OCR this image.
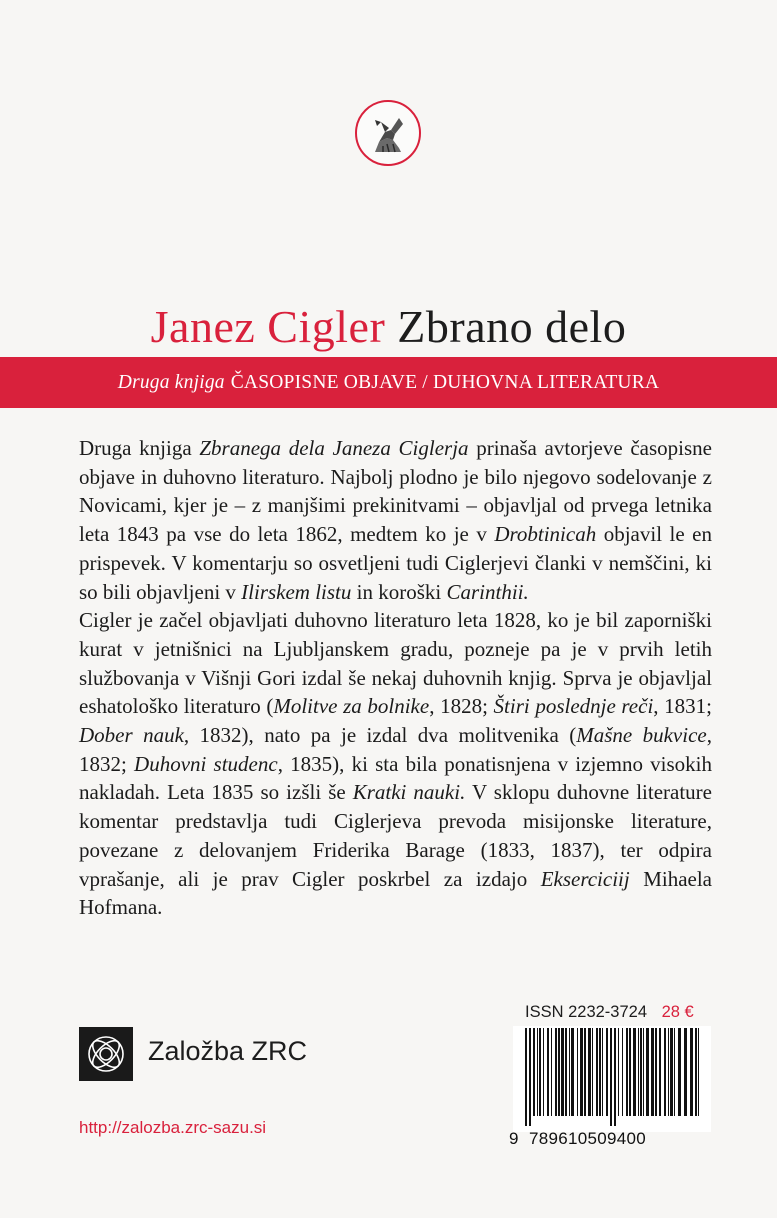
Janez Cigler Zbrano delo
Druga knjiga ČASOPISNE OBJAVE / DUHOVNA LITERATURA

Druga knjiga Zbranega dela Janeza Ciglerja prinaša avtorjeve časopisne objave in duhovno literaturo. Najbolj plodno je bilo njegovo sodelovanje z Novicami, kjer je – z manjšimi prekinitvami – objavljal od prvega letnika leta 1843 pa vse do leta 1862, medtem ko je v Drobtinicah objavil le en prispevek. V komentarju so osvetljeni tudi Ciglerjevi članki v nemščini, ki so bili objavljeni v Ilirskem listu in koroški Carinthii.

Cigler je začel objavljati duhovno literaturo leta 1828, ko je bil zaporniški kurat v jetnišnici na Ljubljanskem gradu, pozneje pa je v prvih letih službovanja v Višnji Gori izdal še nekaj duhovnih knjig. Sprva je objavljal eshatološko literaturo (Molitve za bolnike, 1828; Štiri poslednje reči, 1831; Dober nauk, 1832), nato pa je izdal dva molitvenika (Mašne bukvice, 1832; Duhovni studenc, 1835), ki sta bila ponatisnjena v izjemno visokih nakladah. Leta 1835 so izšli še Kratki nauki. V sklopu duhovne literature komentar predstavlja tudi Ciglerjeva prevoda misijonske literature, povezane z delovanjem Friderika Barage (1833, 1837), ter odpira vprašanje, ali je prav Cigler poskrbel za izdajo Ekserciciij Mihaela Hofmana.

Založba ZRC
http://zalozba.zrc-sazu.si
ISSN 2232-3724 28 €
9 789610509400
